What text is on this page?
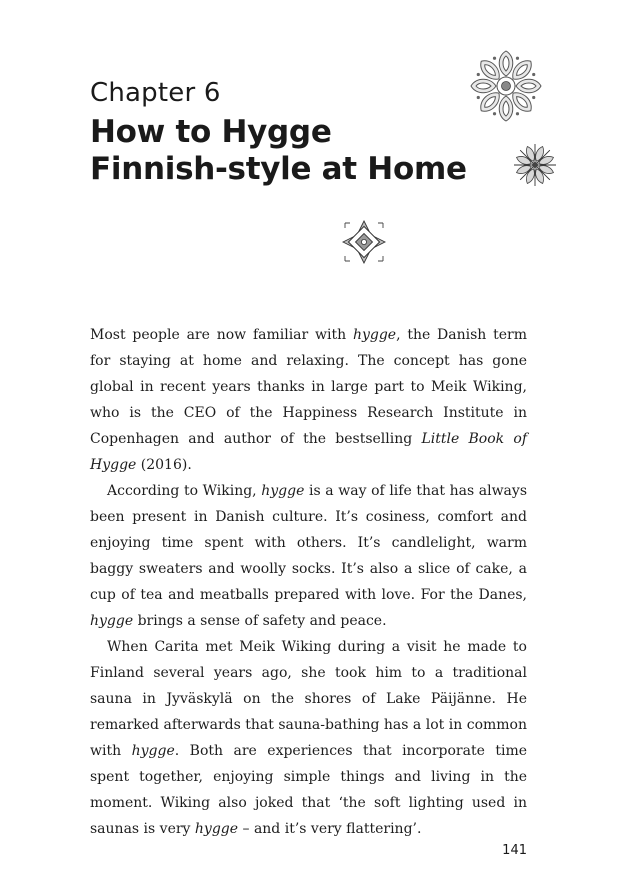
Chapter 6
How to Hygge Finnish-style at Home

Most people are now familiar with hygge, the Danish term for staying at home and relaxing. The concept has gone global in recent years thanks in large part to Meik Wiking, who is the CEO of the Happiness Research Institute in Copenhagen and author of the bestselling Little Book of Hygge (2016).

According to Wiking, hygge is a way of life that has always been present in Danish culture. It’s cosiness, comfort and enjoying time spent with others. It’s candlelight, warm baggy sweaters and woolly socks. It’s also a slice of cake, a cup of tea and meatballs prepared with love. For the Danes, hygge brings a sense of safety and peace.

When Carita met Meik Wiking during a visit he made to Finland several years ago, she took him to a traditional sauna in Jyväskylä on the shores of Lake Päijänne. He remarked afterwards that sauna-bathing has a lot in common with hygge. Both are experiences that incorporate time spent together, enjoying simple things and living in the moment. Wiking also joked that ‘the soft lighting used in saunas is very hygge – and it’s very flattering’.

141
